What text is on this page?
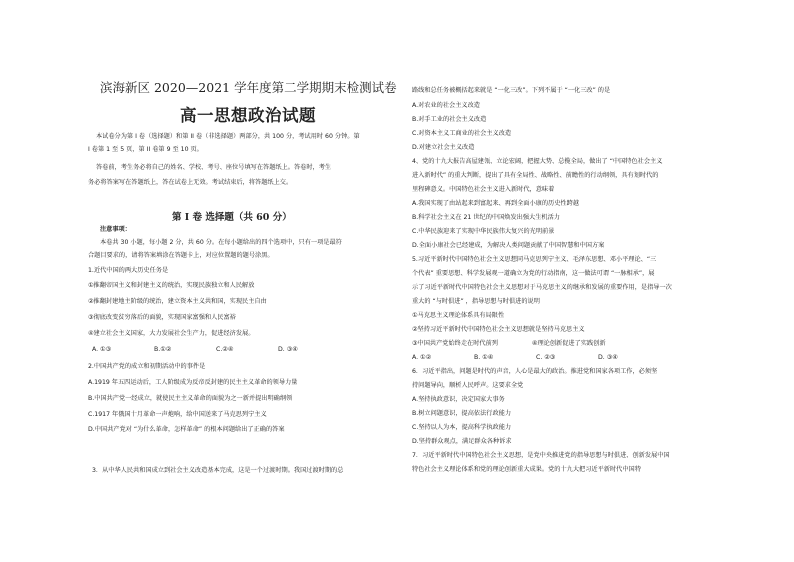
滨海新区 2020—2021 学年度第二学期期末检测试卷
高一思想政治试题
本试卷分为第 I 卷（选择题）和第 II 卷（非选择题）两部分，共 100 分，考试用时 60 分钟。第
I 卷第 1 至 5 页，第 II 卷第 9 至 10 页。
答卷前，考生务必将自己的姓名、学校、考号、座位号填写在答题纸上。答卷时，考生
务必将答案写在答题纸上，答在试卷上无效。考试结束后，将答题纸上交。
第 I 卷 选择题（共 60 分）
注意事项：
本卷共 30 小题，每小题 2 分，共 60 分。在每小题给出的四个选项中，只有一项是最符
合题目要求的，请将答案填涂在答题卡上，对应位置题的题号涂黑。
1.近代中国的两大历史任务是
①推翻帝国主义和封建主义的统治，实现民族独立和人民解放
②推翻封建地主阶级的统治，建立资本主义共和国，实现民主自由
③彻底改变贫穷落后的面貌，实现国家富强和人民富裕
④建立社会主义国家，大力发展社会生产力，促进经济发展。
A. ①③	B.①②	C.②④	D. ③④
2.中国共产党的成立和初期活动中的事件是
A.1919 年五四运动后，工人阶级成为反帝反封建的民主主义革命的领导力量
B.中国共产党一经成立，就使民主主义革命的面貌为之一新并提出明确纲领
C.1917 年俄国十月革命一声炮响，给中国送来了马克思列宁主义
D.中国共产党对 “为什么革命，怎样革命” 的根本问题给出了正确的答案
3．从中华人民共和国成立到社会主义改造基本完成，这是一个过渡时期。我国过渡时期的总
路线和总任务被概括起来就是 “一化三改”。下列不属于 “一化三改” 的是
A.对农业的社会主义改造
B.对手工业的社会主义改造
C.对资本主义工商业的社会主义改造
D.对建立社会主义改造
4、党的十九大报告高屋建瓴、立论宏阔，把握大势、总揽全局，做出了 “中国特色社会主义
进入新时代” 的重大判断，提出了具有全局性、战略性、前瞻性的行动纲领，具有划时代的
里程碑意义。中国特色社会主义进入新时代，意味着
A.我国实现了由站起来到富起来、再到全面小康的历史性跨越
B.科学社会主义在 21 世纪的中国焕发出强大生机活力
C.中华民族迎来了实现中华民族伟大复兴的光明前景
D.全面小康社会已经建成，为解决人类问题贡献了中国智慧和中国方案
5.习近平新时代中国特色社会主义思想同马克思列宁主义、毛泽东思想、邓小平理论、“三
个代表” 重要思想、科学发展观一道确立为党的行动指南，这一做法可谓 “一脉相承”，展
示了习近平新时代中国特色社会主义思想对于马克思主义的继承和发展的重要作用，是指导一次
重大的 “与时俱进” ，指导思想与时俱进的说明
①马克思主义理论体系具有局限性
②坚持习近平新时代中国特色社会主义思想就是坚持马克思主义
③中国共产党始终走在时代前列	④理论创新促进了实践创新
A. ①②	B. ①④	C. ②③	D. ③④
6．习近平指出，问题是时代的声音，人心是最大的政治。推进党和国家各项工作，必须坚
持问题导向，顺析人民呼声。这要求全党
A.坚持执政意识，决定国家大事务
B.树立问题意识，提高依法行政能力
C.坚持以人为本，提高科学执政能力
D.坚持群众观点，满足群众各种诉求
7．习近平新时代中国特色社会主义思想，是党中央推进党的指导思想与时俱进、创新发展中国
特色社会主义理论体系和党的理论创新重大成果。党的十九大把习近平新时代中国特
